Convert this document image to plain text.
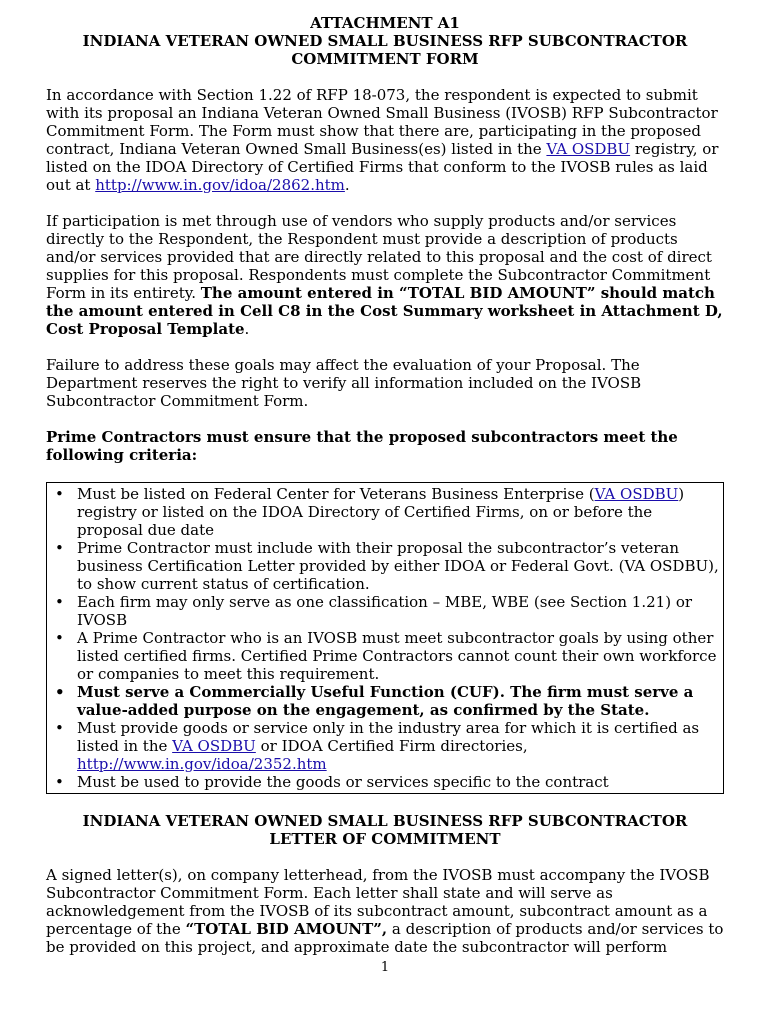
ATTACHMENT A1
INDIANA VETERAN OWNED SMALL BUSINESS RFP SUBCONTRACTOR
COMMITMENT FORM

In accordance with Section 1.22 of RFP 18-073, the respondent is expected to submit with its proposal an Indiana Veteran Owned Small Business (IVOSB) RFP Subcontractor Commitment Form. The Form must show that there are, participating in the proposed contract, Indiana Veteran Owned Small Business(es) listed in the VA OSDBU registry, or listed on the IDOA Directory of Certified Firms that conform to the IVOSB rules as laid out at http://www.in.gov/idoa/2862.htm.

If participation is met through use of vendors who supply products and/or services directly to the Respondent, the Respondent must provide a description of products and/or services provided that are directly related to this proposal and the cost of direct supplies for this proposal. Respondents must complete the Subcontractor Commitment Form in its entirety. The amount entered in “TOTAL BID AMOUNT” should match the amount entered in Cell C8 in the Cost Summary worksheet in Attachment D, Cost Proposal Template.

Failure to address these goals may affect the evaluation of your Proposal. The Department reserves the right to verify all information included on the IVOSB Subcontractor Commitment Form.

Prime Contractors must ensure that the proposed subcontractors meet the following criteria:

• Must be listed on Federal Center for Veterans Business Enterprise (VA OSDBU) registry or listed on the IDOA Directory of Certified Firms, on or before the proposal due date
• Prime Contractor must include with their proposal the subcontractor’s veteran business Certification Letter provided by either IDOA or Federal Govt. (VA OSDBU), to show current status of certification.
• Each firm may only serve as one classification – MBE, WBE (see Section 1.21) or IVOSB
• A Prime Contractor who is an IVOSB must meet subcontractor goals by using other listed certified firms. Certified Prime Contractors cannot count their own workforce or companies to meet this requirement.
• Must serve a Commercially Useful Function (CUF). The firm must serve a value-added purpose on the engagement, as confirmed by the State.
• Must provide goods or service only in the industry area for which it is certified as listed in the VA OSDBU or IDOA Certified Firm directories, http://www.in.gov/idoa/2352.htm
• Must be used to provide the goods or services specific to the contract
INDIANA VETERAN OWNED SMALL BUSINESS RFP SUBCONTRACTOR
LETTER OF COMMITMENT

A signed letter(s), on company letterhead, from the IVOSB must accompany the IVOSB Subcontractor Commitment Form. Each letter shall state and will serve as acknowledgement from the IVOSB of its subcontract amount, subcontract amount as a percentage of the “TOTAL BID AMOUNT”, a description of products and/or services to be provided on this project, and approximate date the subcontractor will perform

1
